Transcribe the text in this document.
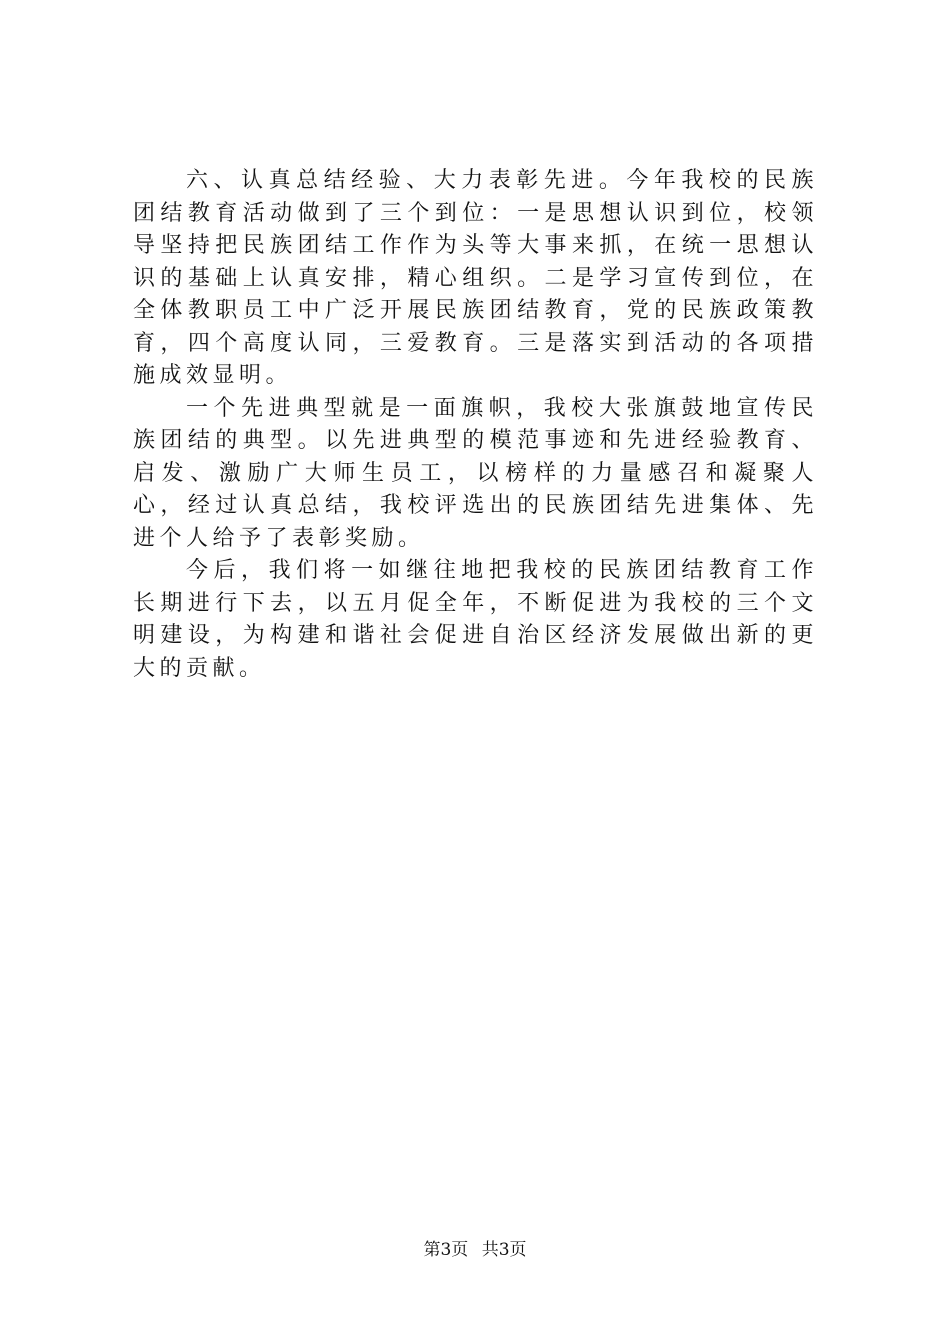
六、认真总结经验、大力表彰先进。今年我校的民族团结教育活动做到了三个到位：一是思想认识到位，校领导坚持把民族团结工作作为头等大事来抓，在统一思想认识的基础上认真安排，精心组织。二是学习宣传到位，在全体教职员工中广泛开展民族团结教育，党的民族政策教育，四个高度认同，三爱教育。三是落实到活动的各项措施成效显明。

一个先进典型就是一面旗帜，我校大张旗鼓地宣传民族团结的典型。以先进典型的模范事迹和先进经验教育、启发、激励广大师生员工，以榜样的力量感召和凝聚人心，经过认真总结，我校评选出的民族团结先进集体、先进个人给予了表彰奖励。

今后，我们将一如继往地把我校的民族团结教育工作长期进行下去，以五月促全年，不断促进为我校的三个文明建设，为构建和谐社会促进自治区经济发展做出新的更大的贡献。

第3页 共3页
